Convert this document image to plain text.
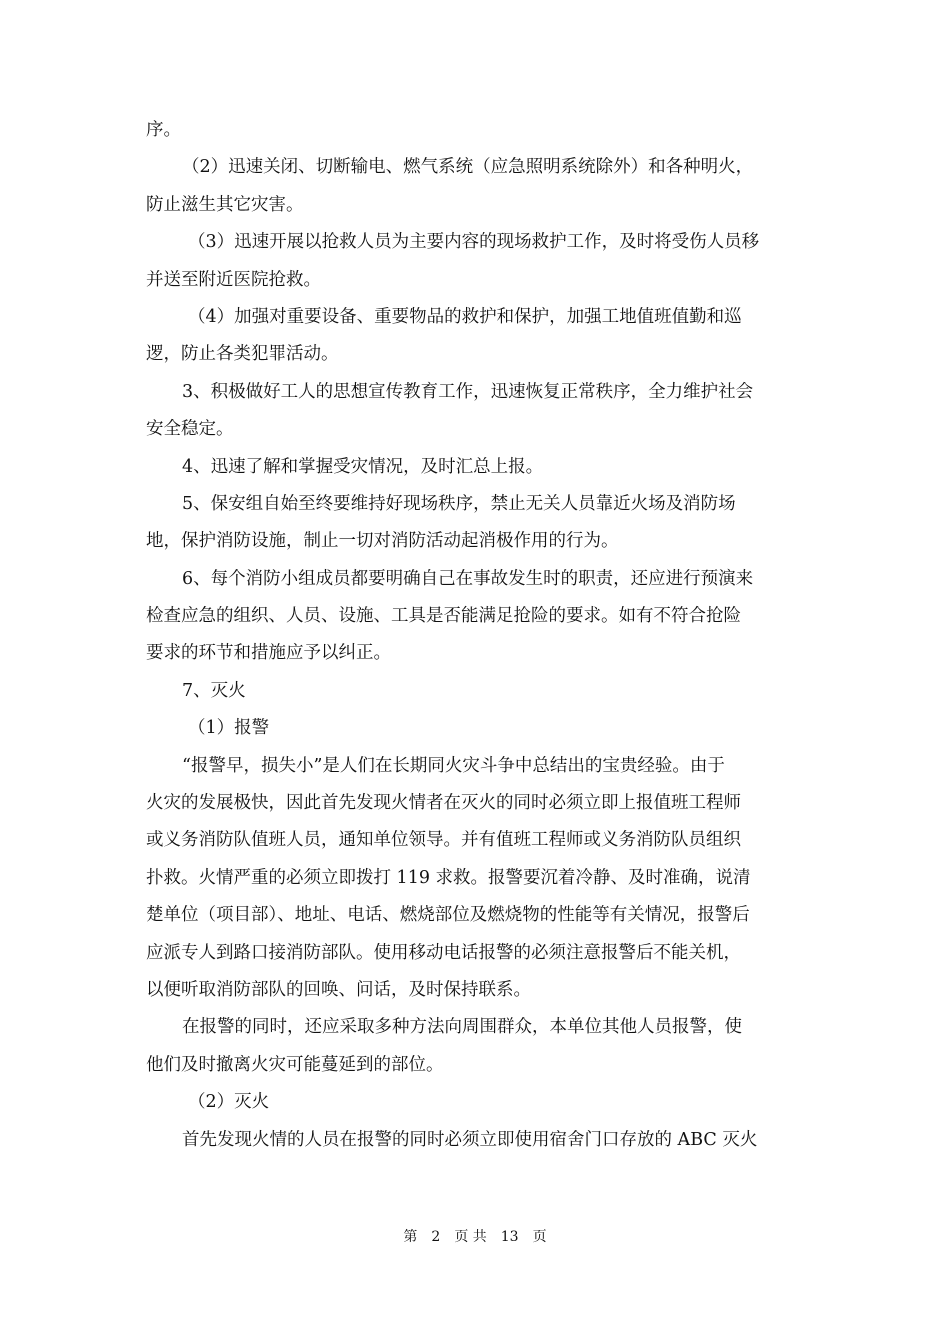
序。
（2）迅速关闭、切断输电、燃气系统（应急照明系统除外）和各种明火，
防止滋生其它灾害。
（3）迅速开展以抢救人员为主要内容的现场救护工作，及时将受伤人员移
并送至附近医院抢救。
（4）加强对重要设备、重要物品的救护和保护，加强工地值班值勤和巡
逻，防止各类犯罪活动。
3、积极做好工人的思想宣传教育工作，迅速恢复正常秩序，全力维护社会
安全稳定。
4、迅速了解和掌握受灾情况，及时汇总上报。
5、保安组自始至终要维持好现场秩序，禁止无关人员靠近火场及消防场
地，保护消防设施，制止一切对消防活动起消极作用的行为。
6、每个消防小组成员都要明确自己在事故发生时的职责，还应进行预演来
检查应急的组织、人员、设施、工具是否能满足抢险的要求。如有不符合抢险
要求的环节和措施应予以纠正。
7、灭火
（1）报警
“报警早，损失小”是人们在长期同火灾斗争中总结出的宝贵经验。由于
火灾的发展极快，因此首先发现火情者在灭火的同时必须立即上报值班工程师
或义务消防队值班人员，通知单位领导。并有值班工程师或义务消防队员组织
扑救。火情严重的必须立即拨打 119 求救。报警要沉着冷静、及时准确，说清
楚单位（项目部）、地址、电话、燃烧部位及燃烧物的性能等有关情况，报警后
应派专人到路口接消防部队。使用移动电话报警的必须注意报警后不能关机，
以便听取消防部队的回唤、问话，及时保持联系。
在报警的同时，还应采取多种方法向周围群众，本单位其他人员报警，使
他们及时撤离火灾可能蔓延到的部位。
（2）灭火
首先发现火情的人员在报警的同时必须立即使用宿舍门口存放的 ABC 灭火
第 2 页 共 13 页
